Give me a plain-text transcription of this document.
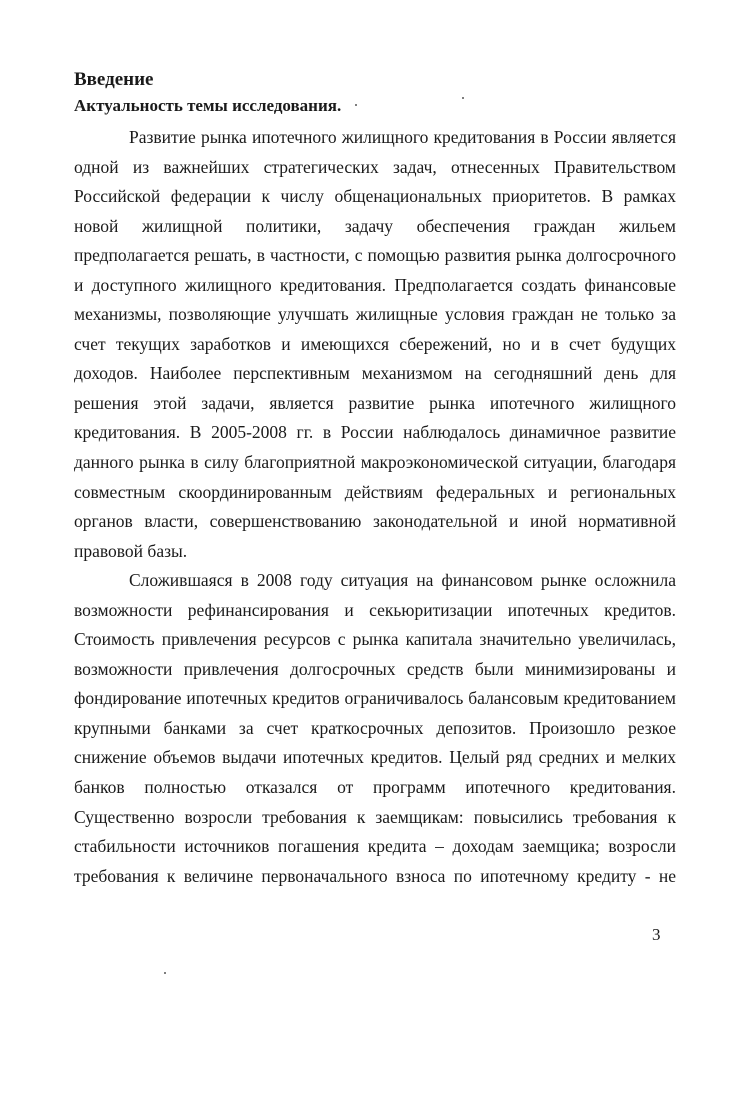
Введение
Актуальность темы исследования.
Развитие рынка ипотечного жилищного кредитования в России является
одной из важнейших стратегических задач, отнесенных Правительством
Российской федерации к числу общенациональных приоритетов. В рамках
новой жилищной политики, задачу обеспечения граждан жильем
предполагается решать, в частности, с помощью развития рынка долгосрочного
и доступного жилищного кредитования. Предполагается создать финансовые
механизмы, позволяющие улучшать жилищные условия граждан не только за
счет текущих заработков и имеющихся сбережений, но и в счет будущих
доходов. Наиболее перспективным механизмом на сегодняшний день для
решения этой задачи, является развитие рынка ипотечного жилищного
кредитования. В 2005-2008 гг. в России наблюдалось динамичное развитие
данного рынка в силу благоприятной макроэкономической ситуации, благодаря
совместным скоординированным действиям федеральных и региональных
органов власти, совершенствованию законодательной и иной нормативной
правовой базы.
Сложившаяся в 2008 году ситуация на финансовом рынке осложнила
возможности рефинансирования и секьюритизации ипотечных кредитов.
Стоимость привлечения ресурсов с рынка капитала значительно увеличилась,
возможности привлечения долгосрочных средств были минимизированы и
фондирование ипотечных кредитов ограничивалось балансовым кредитованием
крупными банками за счет краткосрочных депозитов. Произошло резкое
снижение объемов выдачи ипотечных кредитов. Целый ряд средних и мелких
банков полностью отказался от программ ипотечного кредитования.
Существенно возросли требования к заемщикам: повысились требования к
стабильности источников погашения кредита – доходам заемщика; возросли
требования к величине первоначального взноса по ипотечному кредиту - не
3
